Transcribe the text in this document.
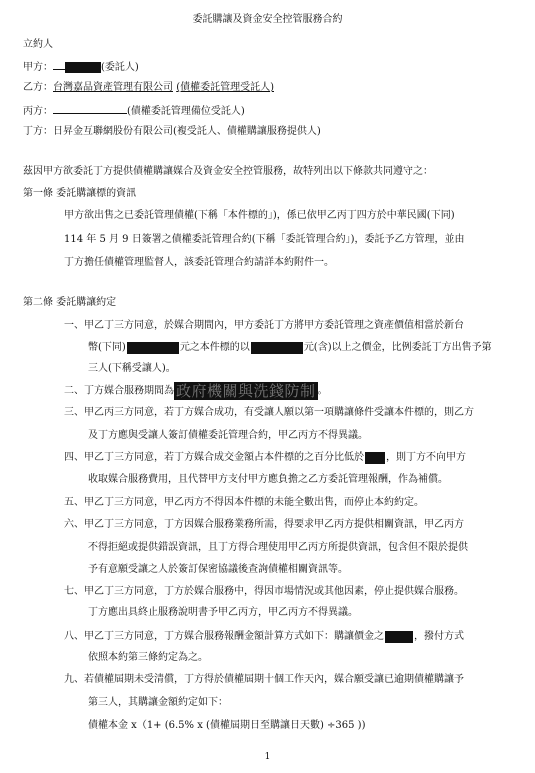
委託購讓及資金安全控管服務合約
立約人
甲方：	(委託人)
乙方：台灣嘉品資產管理有限公司 (債權委託管理受託人)
丙方：	(債權委託管理備位受託人)
丁方：日昇金互聯網股份有限公司(複受託人、債權購讓服務提供人)
茲因甲方欲委託丁方提供債權購讓媒合及資金安全控管服務，故特列出以下條款共同遵守之：
第一條 委託購讓標的資訊
甲方欲出售之已委託管理債權(下稱「本件標的」)，係已依甲乙丙丁四方於中華民國(下同)
114 年 5 月 9 日簽署之債權委託管理合約(下稱「委託管理合約」)，委託予乙方管理，並由
丁方擔任債權管理監督人，該委託管理合約請詳本約附件一。
第二條 委託購讓約定
一、甲乙丁三方同意，於媒合期間內，甲方委託丁方將甲方委託管理之資產價值相當於新台
幣(下同)	元之本件標的以	元(含)以上之價金，比例委託丁方出售予第
三人(下稱受讓人)。
二、丁方媒合服務期間為 政府機關與洗錢防制 。
三、甲乙丙三方同意，若丁方媒合成功，有受讓人願以第一項購讓條件受讓本件標的，則乙方
及丁方應與受讓人簽訂債權委託管理合約，甲乙丙方不得異議。
四、甲乙丁三方同意，若丁方媒合成交金額占本件標的之百分比低於 ，則丁方不向甲方
收取媒合服務費用，且代替甲方支付甲方應負擔之乙方委託管理報酬，作為補償。
五、甲乙丁三方同意，甲乙丙方不得因本件標的未能全數出售，而停止本約約定。
六、甲乙丁三方同意，丁方因媒合服務業務所需，得要求甲乙丙方提供相關資訊，甲乙丙方
不得拒絕或提供錯誤資訊，且丁方得合理使用甲乙丙方所提供資訊，包含但不限於提供
予有意願受讓之人於簽訂保密協議後查詢債權相關資訊等。
七、甲乙丁三方同意，丁方於媒合服務中，得因市場情況或其他因素，停止提供媒合服務。
丁方應出具終止服務說明書予甲乙丙方，甲乙丙方不得異議。
八、甲乙丁三方同意，丁方媒合服務報酬金額計算方式如下：購讓價金之	，撥付方式
依照本約第三條約定為之。
九、若債權屆期未受清償，丁方得於債權屆期十個工作天內，媒合願受讓已逾期債權購讓予
第三人，其購讓金額約定如下：
債權本金 x（1+ (6.5% x (債權屆期日至購讓日天數) ÷365 ))
1
